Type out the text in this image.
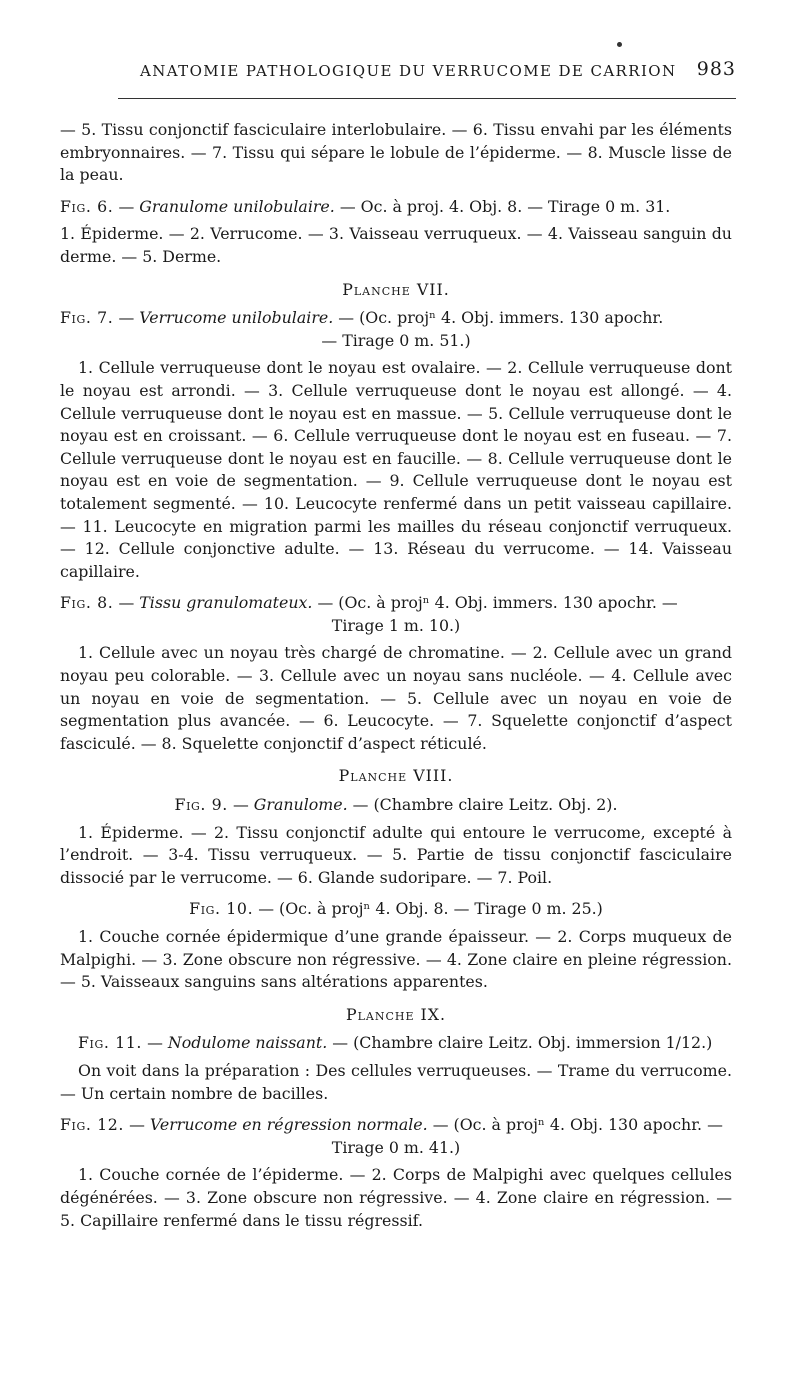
ANATOMIE PATHOLOGIQUE DU VERRUCOME DE CARRION	983

— 5. Tissu conjonctif fasciculaire interlobulaire. — 6. Tissu envahi par les éléments embryonnaires. — 7. Tissu qui sépare le lobule de l’épiderme. — 8. Muscle lisse de la peau.

Fig. 6. — Granulome unilobulaire. — Oc. à proj. 4. Obj. 8. — Tirage 0 m. 31.

1. Épiderme. — 2. Verrucome. — 3. Vaisseau verruqueux. — 4. Vaisseau sanguin du derme. — 5. Derme.

Planche VII.

Fig. 7. — Verrucome unilobulaire. — (Oc. projⁿ 4. Obj. immers. 130 apochr.

— Tirage 0 m. 51.)

1. Cellule verruqueuse dont le noyau est ovalaire. — 2. Cellule verruqueuse dont le noyau est arrondi. — 3. Cellule verruqueuse dont le noyau est allongé. — 4. Cellule verruqueuse dont le noyau est en massue. — 5. Cellule verruqueuse dont le noyau est en croissant. — 6. Cellule verruqueuse dont le noyau est en fuseau. — 7. Cellule verruqueuse dont le noyau est en faucille. — 8. Cellule verruqueuse dont le noyau est en voie de segmentation. — 9. Cellule verruqueuse dont le noyau est totalement segmenté. — 10. Leucocyte renfermé dans un petit vaisseau capillaire. — 11. Leucocyte en migration parmi les mailles du réseau conjonctif verruqueux. — 12. Cellule conjonctive adulte. — 13. Réseau du verrucome. — 14. Vaisseau capillaire.

Fig. 8. — Tissu granulomateux. — (Oc. à projⁿ 4. Obj. immers. 130 apochr. —

Tirage 1 m. 10.)

1. Cellule avec un noyau très chargé de chromatine. — 2. Cellule avec un grand noyau peu colorable. — 3. Cellule avec un noyau sans nucléole. — 4. Cellule avec un noyau en voie de segmentation. — 5. Cellule avec un noyau en voie de segmentation plus avancée. — 6. Leucocyte. — 7. Squelette conjonctif d’aspect fasciculé. — 8. Squelette conjonctif d’aspect réticulé.

Planche VIII.

Fig. 9. — Granulome. — (Chambre claire Leitz. Obj. 2).

1. Épiderme. — 2. Tissu conjonctif adulte qui entoure le verrucome, excepté à l’endroit. — 3-4. Tissu verruqueux. — 5. Partie de tissu conjonctif fasciculaire dissocié par le verrucome. — 6. Glande sudoripare. — 7. Poil.

Fig. 10. — (Oc. à projⁿ 4. Obj. 8. — Tirage 0 m. 25.)

1. Couche cornée épidermique d’une grande épaisseur. — 2. Corps muqueux de Malpighi. — 3. Zone obscure non régressive. — 4. Zone claire en pleine régression. — 5. Vaisseaux sanguins sans altérations apparentes.

Planche IX.

Fig. 11. — Nodulome naissant. — (Chambre claire Leitz. Obj. immersion 1/12.)

On voit dans la préparation : Des cellules verruqueuses. — Trame du verrucome. — Un certain nombre de bacilles.

Fig. 12. — Verrucome en régression normale. — (Oc. à projⁿ 4. Obj. 130 apochr. —

Tirage 0 m. 41.)

1. Couche cornée de l’épiderme. — 2. Corps de Malpighi avec quelques cellules dégénérées. — 3. Zone obscure non régressive. — 4. Zone claire en régression. — 5. Capillaire renfermé dans le tissu régressif.
